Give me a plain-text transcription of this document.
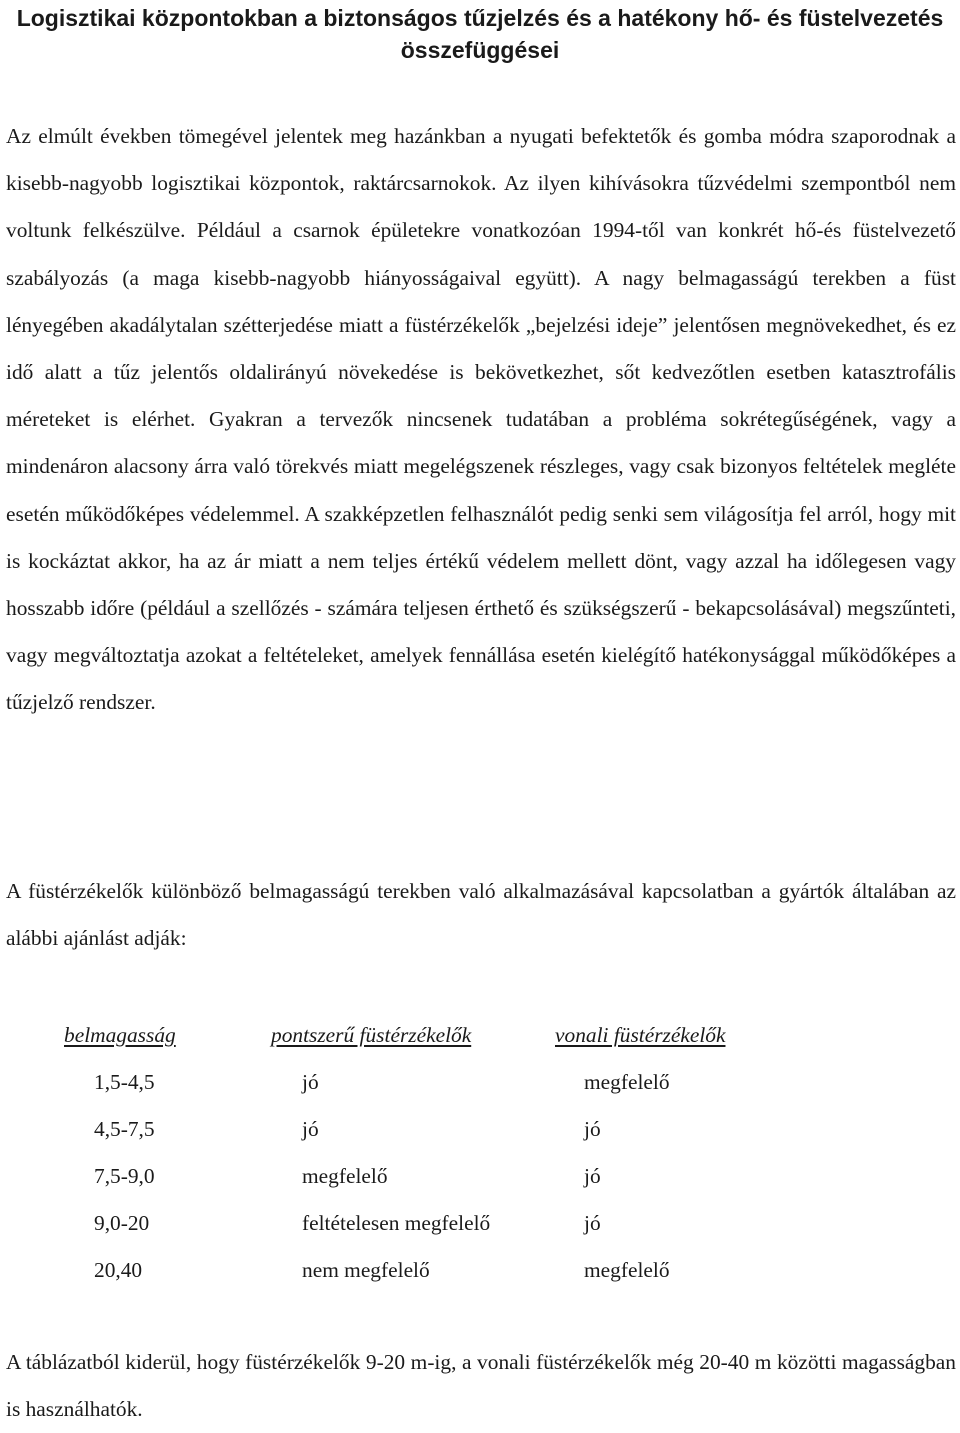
Logisztikai központokban a biztonságos tűzjelzés és a hatékony hő- és füstelvezetés összefüggései

Az elmúlt években tömegével jelentek meg hazánkban a nyugati befektetők és gomba módra szaporodnak a kisebb-nagyobb logisztikai központok, raktárcsarnokok. Az ilyen kihívásokra tűzvédelmi szempontból nem voltunk felkészülve. Például a csarnok épületekre vonatkozóan 1994-től van konkrét hő-és füstelvezető szabályozás (a maga kisebb-nagyobb hiányosságaival együtt). A nagy belmagasságú terekben a füst lényegében akadálytalan szétterjedése miatt a füstérzékelők „bejelzési ideje” jelentősen megnövekedhet, és ez idő alatt a tűz jelentős oldalirányú növekedése is bekövetkezhet, sőt kedvezőtlen esetben katasztrofális méreteket is elérhet. Gyakran a tervezők nincsenek tudatában a probléma sokrétegűségének, vagy a mindenáron alacsony árra való törekvés miatt megelégszenek részleges, vagy csak bizonyos feltételek megléte esetén működőképes védelemmel. A szakképzetlen felhasználót pedig senki sem világosítja fel arról, hogy mit is kockáztat akkor, ha az ár miatt a nem teljes értékű védelem mellett dönt, vagy azzal ha időlegesen vagy hosszabb időre (például a szellőzés - számára teljesen érthető és szükségszerű - bekapcsolásával) megszűnteti, vagy megváltoztatja azokat a feltételeket, amelyek fennállása esetén kielégítő hatékonysággal működőképes a tűzjelző rendszer.

A füstérzékelők különböző belmagasságú terekben való alkalmazásával kapcsolatban a gyártók általában az alábbi ajánlást adják:

belmagasság	pontszerű füstérzékelők	vonali füstérzékelők
1,5-4,5	jó	megfelelő
4,5-7,5	jó	jó
7,5-9,0	megfelelő	jó
9,0-20	feltételesen megfelelő	jó
20,40	nem megfelelő	megfelelő

A táblázatból kiderül, hogy füstérzékelők 9-20 m-ig, a vonali füstérzékelők még 20-40 m közötti magasságban is használhatók.
